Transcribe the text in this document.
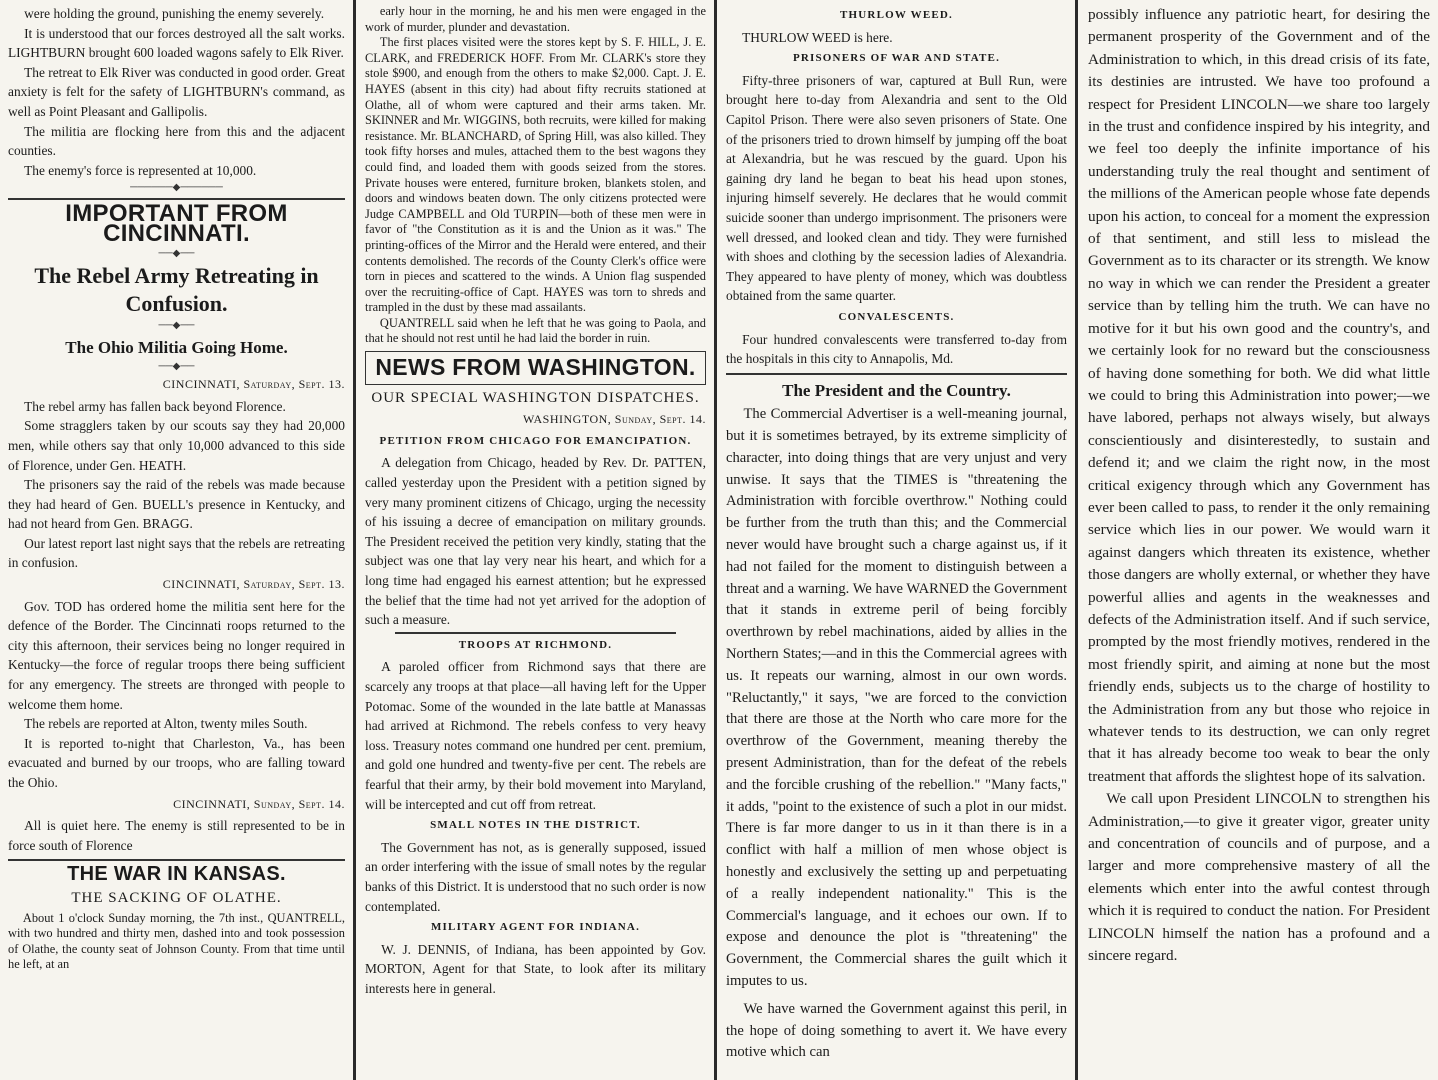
were holding the ground, punishing the enemy severely.

It is understood that our forces destroyed all the salt works. LIGHTBURN brought 600 loaded wagons safely to Elk River.

The retreat to Elk River was conducted in good order. Great anxiety is felt for the safety of LIGHTBURN's command, as well as Point Pleasant and Gallipolis.

The militia are flocking here from this and the adjacent counties.

The enemy's force is represented at 10,000.

──────◆──────
IMPORTANT FROM CINCINNATI.
──◆──
The Rebel Army Retreating in Confusion.
──◆──
The Ohio Militia Going Home.
──◆──
CINCINNATI, Saturday, Sept. 13.

The rebel army has fallen back beyond Florence.

Some stragglers taken by our scouts say they had 20,000 men, while others say that only 10,000 advanced to this side of Florence, under Gen. HEATH.

The prisoners say the raid of the rebels was made because they had heard of Gen. BUELL's presence in Kentucky, and had not heard from Gen. BRAGG.

Our latest report last night says that the rebels are retreating in confusion.

CINCINNATI, Saturday, Sept. 13.

Gov. TOD has ordered home the militia sent here for the defence of the Border. The Cincinnati roops returned to the city this afternoon, their services being no longer required in Kentucky—the force of regular troops there being sufficient for any emergency. The streets are thronged with people to welcome them home.

The rebels are reported at Alton, twenty miles South.

It is reported to-night that Charleston, Va., has been evacuated and burned by our troops, who are falling toward the Ohio.

CINCINNATI, Sunday, Sept. 14.

All is quiet here. The enemy is still represented to be in force south of Florence

THE WAR IN KANSAS.
THE SACKING OF OLATHE.

About 1 o'clock Sunday morning, the 7th inst., QUANTRELL, with two hundred and thirty men, dashed into and took possession of Olathe, the county seat of Johnson County. From that time until he left, at an

early hour in the morning, he and his men were engaged in the work of murder, plunder and devastation.

The first places visited were the stores kept by S. F. HILL, J. E. CLARK, and FREDERICK HOFF. From Mr. CLARK's store they stole $900, and enough from the others to make $2,000. Capt. J. E. HAYES (absent in this city) had about fifty recruits stationed at Olathe, all of whom were captured and their arms taken. Mr. SKINNER and Mr. WIGGINS, both recruits, were killed for making resistance. Mr. BLANCHARD, of Spring Hill, was also killed. They took fifty horses and mules, attached them to the best wagons they could find, and loaded them with goods seized from the stores. Private houses were entered, furniture broken, blankets stolen, and doors and windows beaten down. The only citizens protected were Judge CAMPBELL and Old TURPIN—both of these men were in favor of "the Constitution as it is and the Union as it was." The printing-offices of the Mirror and the Herald were entered, and their contents demolished. The records of the County Clerk's office were torn in pieces and scattered to the winds. A Union flag suspended over the recruiting-office of Capt. HAYES was torn to shreds and trampled in the dust by these mad assailants.

QUANTRELL said when he left that he was going to Paola, and that he should not rest until he had laid the border in ruin.

NEWS FROM WASHINGTON.
OUR SPECIAL WASHINGTON DISPATCHES.
WASHINGTON, Sunday, Sept. 14.
PETITION FROM CHICAGO FOR EMANCIPATION.

A delegation from Chicago, headed by Rev. Dr. PATTEN, called yesterday upon the President with a petition signed by very many prominent citizens of Chicago, urging the necessity of his issuing a decree of emancipation on military grounds. The President received the petition very kindly, stating that the subject was one that lay very near his heart, and which for a long time had engaged his earnest attention; but he expressed the belief that the time had not yet arrived for the adoption of such a measure.

TROOPS AT RICHMOND.

A paroled officer from Richmond says that there are scarcely any troops at that place—all having left for the Upper Potomac. Some of the wounded in the late battle at Manassas had arrived at Richmond. The rebels confess to very heavy loss. Treasury notes command one hundred per cent. premium, and gold one hundred and twenty-five per cent. The rebels are fearful that their army, by their bold movement into Maryland, will be intercepted and cut off from retreat.

SMALL NOTES IN THE DISTRICT.

The Government has not, as is generally supposed, issued an order interfering with the issue of small notes by the regular banks of this District. It is understood that no such order is now contemplated.

MILITARY AGENT FOR INDIANA.

W. J. DENNIS, of Indiana, has been appointed by Gov. MORTON, Agent for that State, to look after its military interests here in general.

THURLOW WEED.

THURLOW WEED is here.

PRISONERS OF WAR AND STATE.

Fifty-three prisoners of war, captured at Bull Run, were brought here to-day from Alexandria and sent to the Old Capitol Prison. There were also seven prisoners of State. One of the prisoners tried to drown himself by jumping off the boat at Alexandria, but he was rescued by the guard. Upon his gaining dry land he began to beat his head upon stones, injuring himself severely. He declares that he would commit suicide sooner than undergo imprisonment. The prisoners were well dressed, and looked clean and tidy. They were furnished with shoes and clothing by the secession ladies of Alexandria. They appeared to have plenty of money, which was doubtless obtained from the same quarter.

CONVALESCENTS.

Four hundred convalescents were transferred to-day from the hospitals in this city to Annapolis, Md.

The President and the Country.

The Commercial Advertiser is a well-meaning journal, but it is sometimes betrayed, by its extreme simplicity of character, into doing things that are very unjust and very unwise. It says that the TIMES is "threatening the Administration with forcible overthrow." Nothing could be further from the truth than this; and the Commercial never would have brought such a charge against us, if it had not failed for the moment to distinguish between a threat and a warning. We have WARNED the Government that it stands in extreme peril of being forcibly overthrown by rebel machinations, aided by allies in the Northern States;—and in this the Commercial agrees with us. It repeats our warning, almost in our own words. "Reluctantly," it says, "we are forced to the conviction that there are those at the North who care more for the overthrow of the Government, meaning thereby the present Administration, than for the defeat of the rebels and the forcible crushing of the rebellion." "Many facts," it adds, "point to the existence of such a plot in our midst. There is far more danger to us in it than there is in a conflict with half a million of men whose object is honestly and exclusively the setting up and perpetuating of a really independent nationality." This is the Commercial's language, and it echoes our own. If to expose and denounce the plot is "threatening" the Government, the Commercial shares the guilt which it imputes to us.

We have warned the Government against this peril, in the hope of doing something to avert it. We have every motive which can

possibly influence any patriotic heart, for desiring the permanent prosperity of the Government and of the Administration to which, in this dread crisis of its fate, its destinies are intrusted. We have too profound a respect for President LINCOLN—we share too largely in the trust and confidence inspired by his integrity, and we feel too deeply the infinite importance of his understanding truly the real thought and sentiment of the millions of the American people whose fate depends upon his action, to conceal for a moment the expression of that sentiment, and still less to mislead the Government as to its character or its strength. We know no way in which we can render the President a greater service than by telling him the truth. We can have no motive for it but his own good and the country's, and we certainly look for no reward but the consciousness of having done something for both. We did what little we could to bring this Administration into power;—we have labored, perhaps not always wisely, but always conscientiously and disinterestedly, to sustain and defend it; and we claim the right now, in the most critical exigency through which any Government has ever been called to pass, to render it the only remaining service which lies in our power. We would warn it against dangers which threaten its existence, whether those dangers are wholly external, or whether they have powerful allies and agents in the weaknesses and defects of the Administration itself. And if such service, prompted by the most friendly motives, rendered in the most friendly spirit, and aiming at none but the most friendly ends, subjects us to the charge of hostility to the Administration from any but those who rejoice in whatever tends to its destruction, we can only regret that it has already become too weak to bear the only treatment that affords the slightest hope of its salvation.

We call upon President LINCOLN to strengthen his Administration,—to give it greater vigor, greater unity and concentration of councils and of purpose, and a larger and more comprehensive mastery of all the elements which enter into the awful contest through which it is required to conduct the nation. For President LINCOLN himself the nation has a profound and a sincere regard.
